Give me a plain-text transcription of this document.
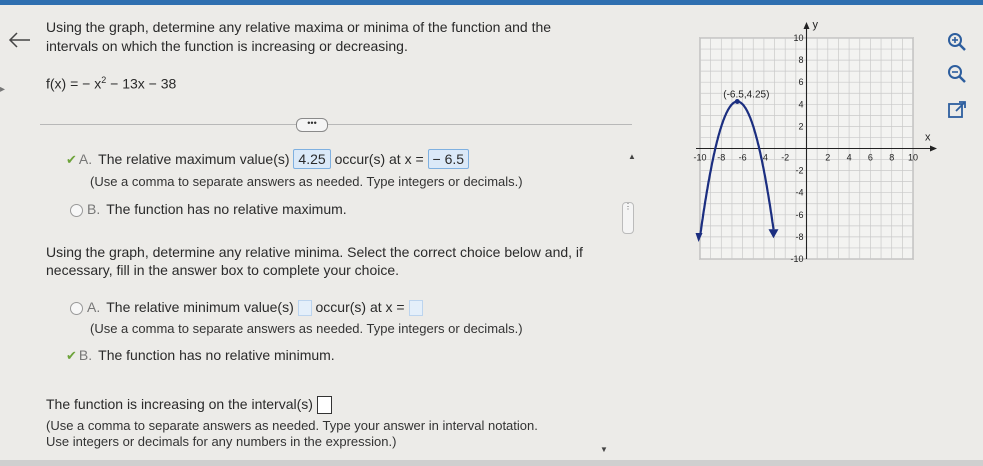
▸
Using the graph, determine any relative maxima or minima of the function and the intervals on which the function is increasing or decreasing.
f(x) = − $x^2 - 13x - 38$
•••
✔ A. The relative maximum value(s) 4.25 occur(s) at x = − 6.5
(Use a comma to separate answers as needed. Type integers or decimals.)
B. The function has no relative maximum.
Using the graph, determine any relative minima. Select the correct choice below and, if necessary, fill in the answer box to complete your choice.
A. The relative minimum value(s) occur(s) at x =
(Use a comma to separate answers as needed. Type integers or decimals.)
✔ B. The function has no relative minimum.
The function is increasing on the interval(s)
(Use a comma to separate answers as needed. Type your answer in interval notation.
Use integers or decimals for any numbers in the expression.)
▲
⋮
▼
-10 -8 -6 -4 -2	2 4 6 8 10
10
8
6
4
2
-2
-4
-6
-8
-10
(-6.5,4.25)
y
x
